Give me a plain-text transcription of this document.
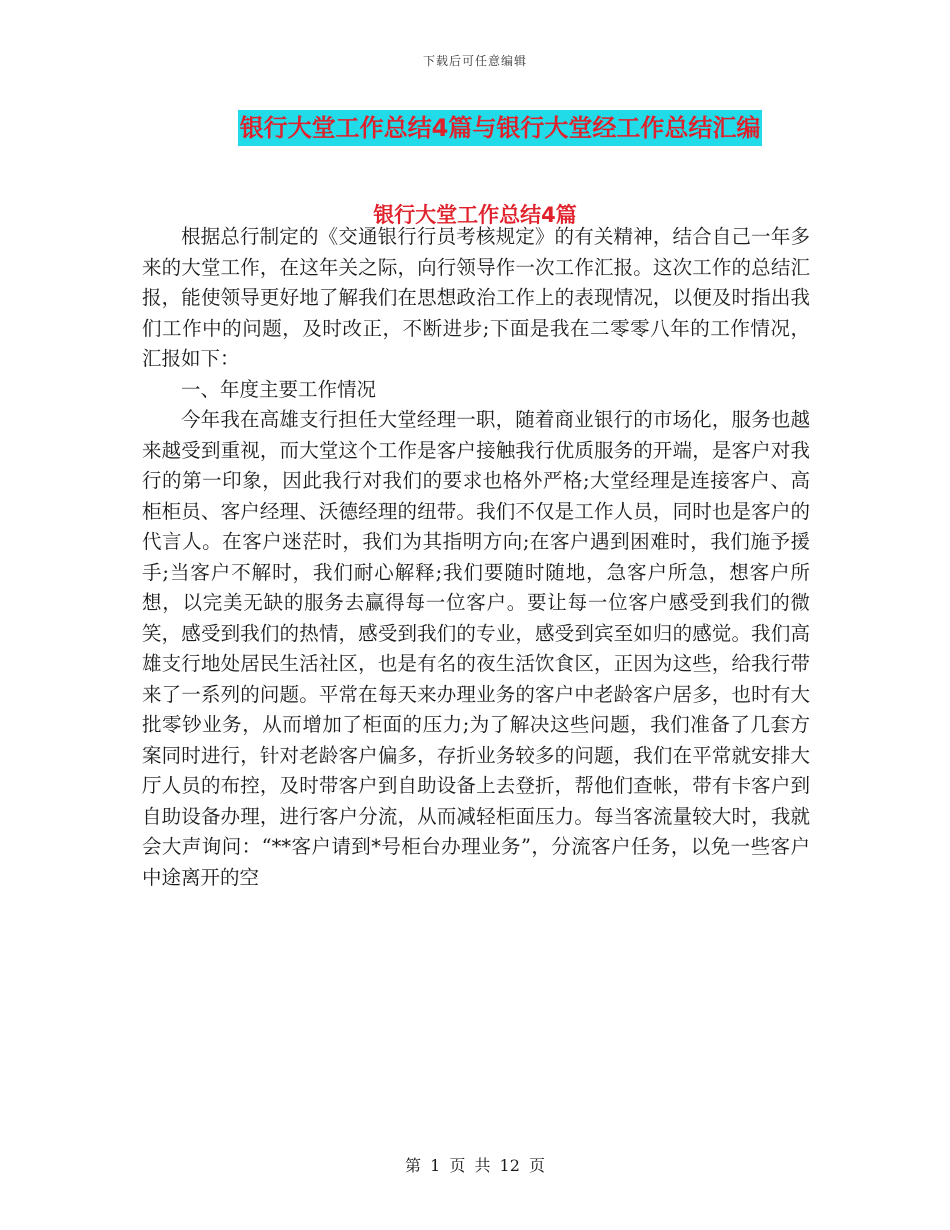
下载后可任意编辑
银行大堂工作总结4篇与银行大堂经工作总结汇编
银行大堂工作总结4篇

根据总行制定的《交通银行行员考核规定》的有关精神，结合自己一年多来的大堂工作，在这年关之际，向行领导作一次工作汇报。这次工作的总结汇报，能使领导更好地了解我们在思想政治工作上的表现情况，以便及时指出我们工作中的问题，及时改正，不断进步;下面是我在二零零八年的工作情况，汇报如下：

一、年度主要工作情况

今年我在高雄支行担任大堂经理一职，随着商业银行的市场化，服务也越来越受到重视，而大堂这个工作是客户接触我行优质服务的开端，是客户对我行的第一印象，因此我行对我们的要求也格外严格;大堂经理是连接客户、高柜柜员、客户经理、沃德经理的纽带。我们不仅是工作人员，同时也是客户的代言人。在客户迷茫时，我们为其指明方向;在客户遇到困难时，我们施予援手;当客户不解时，我们耐心解释;我们要随时随地，急客户所急，想客户所想，以完美无缺的服务去赢得每一位客户。要让每一位客户感受到我们的微笑，感受到我们的热情，感受到我们的专业，感受到宾至如归的感觉。我们高雄支行地处居民生活社区，也是有名的夜生活饮食区，正因为这些，给我行带来了一系列的问题。平常在每天来办理业务的客户中老龄客户居多，也时有大批零钞业务，从而增加了柜面的压力;为了解决这些问题，我们准备了几套方案同时进行，针对老龄客户偏多，存折业务较多的问题，我们在平常就安排大厅人员的布控，及时带客户到自助设备上去登折，帮他们查帐，带有卡客户到自助设备办理，进行客户分流，从而减轻柜面压力。每当客流量较大时，我就会大声询问：“**客户请到*号柜台办理业务”，分流客户任务，以免一些客户中途离开的空

第 1 页 共 12 页
